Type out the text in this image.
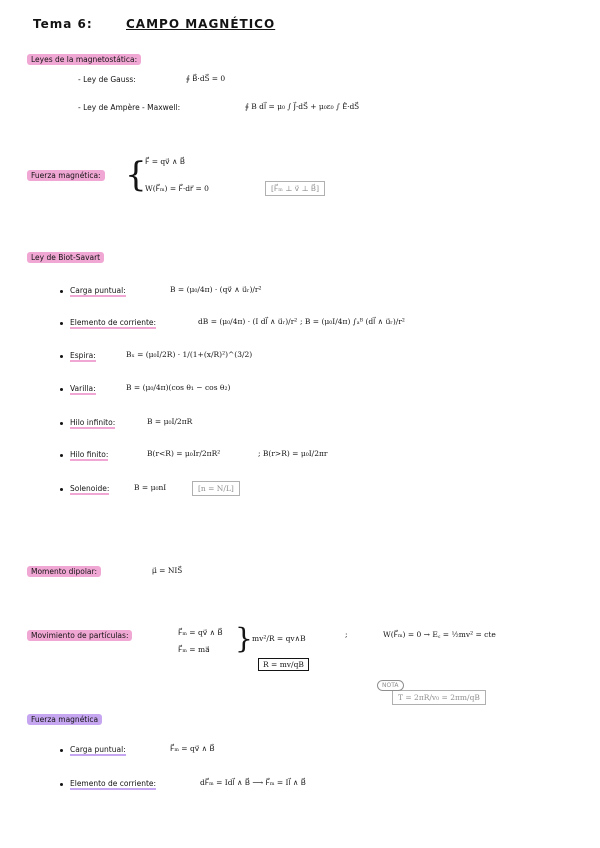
Tema 6:	CAMPO MAGNÉTICO
Leyes de la magnetostática:
- Ley de Gauss:	∮ B⃗·dS⃗ = 0
- Ley de Ampère - Maxwell:	∮ B dl⃗ = μ₀ ∫ J⃗·dS⃗ + μ₀ε₀ ∫ Ė⃗·dS⃗
Fuerza magnética: {
F⃗ = qv⃗ ∧ B⃗
W(F⃗ₘ) = F⃗·dr⃗ = 0	[F⃗ₘ ⊥ v⃗ ⊥ B⃗]
Ley de Biot-Savart
Carga puntual:	B = (μ₀/4π) · (qv⃗ ∧ u⃗ᵣ)/r²
Elemento de corriente:	dB = (μ₀/4π) · (I dl⃗ ∧ u⃗ᵣ)/r² ; B = (μ₀I/4π) ∫ₐᴮ (dl⃗ ∧ u⃗ᵣ)/r²
Espira:	Bₓ = (μ₀I/2R) · 1/(1+(x/R)²)^(3/2)
Varilla:	B = (μ₀/4π)(cos θ₁ − cos θ₂)
Hilo infinito:	B = μ₀I/2πR
Hilo finito:	B(r<R) = μ₀Ir/2πR²	; B(r>R) = μ₀I/2πr
Solenoide:	B = μ₀nI	[n = N/L]
Momento dipolar:	μ⃗ = NIS⃗
Movimiento de partículas:	F⃗ₘ = qv⃗ ∧ B⃗
F⃗ₘ = ma⃗ } mv²/R = qv∧B
R = mv/qB
;	W(F⃗ₘ) = 0 → E꜀ = ½mv² = cte
T = 2πR/v₀ = 2πm/qB
NOTA
Fuerza magnética
Carga puntual:	F⃗ₘ = qv⃗ ∧ B⃗
Elemento de corriente:	dF⃗ₘ = Idl⃗ ∧ B⃗ ⟶ F⃗ₘ = Il⃗ ∧ B⃗
